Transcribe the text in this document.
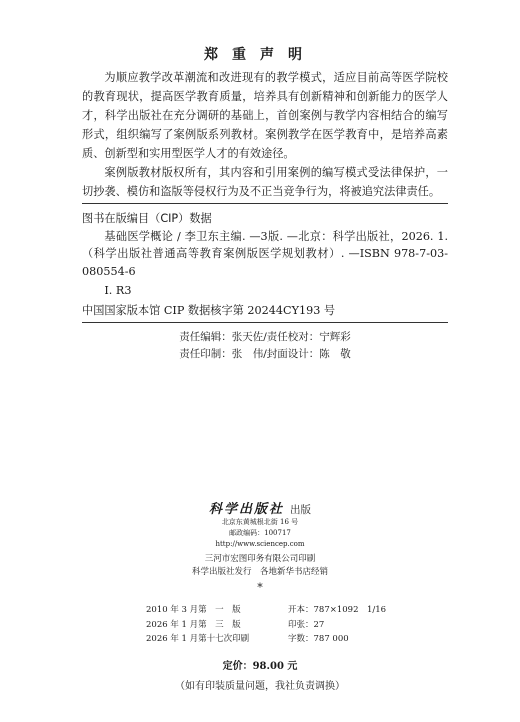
郑重声明

为顺应教学改革潮流和改进现有的教学模式，适应目前高等医学院校的教育现状，提高医学教育质量，培养具有创新精神和创新能力的医学人才，科学出版社在充分调研的基础上，首创案例与教学内容相结合的编写形式，组织编写了案例版系列教材。案例教学在医学教育中，是培养高素质、创新型和实用型医学人才的有效途径。

案例版教材版权所有，其内容和引用案例的编写模式受法律保护，一切抄袭、模仿和盗版等侵权行为及不正当竞争行为，将被追究法律责任。

图书在版编目（CIP）数据
基础医学概论 / 李卫东主编. —3版. —北京：科学出版社，2026. 1.（科学出版社普通高等教育案例版医学规划教材）. —ISBN 978-7-03-080554-6
Ⅰ. R3
中国国家版本馆 CIP 数据核字第 20244CY193 号
责任编辑：张天佐/责任校对：宁辉彩
责任印制：张　伟/封面设计：陈　敬
科学出版社 出版
北京东黄城根北街 16 号
邮政编码：100717
http://www.sciencep.com
三河市宏图印务有限公司印刷
科学出版社发行　各地新华书店经销
*
2010 年 3 月第　一　版	开本：787×1092　1/16
2026 年 1 月第　三　版	印张：27
2026 年 1 月第十七次印刷	字数：787 000
定价：98.00 元
（如有印装质量问题，我社负责调换）
